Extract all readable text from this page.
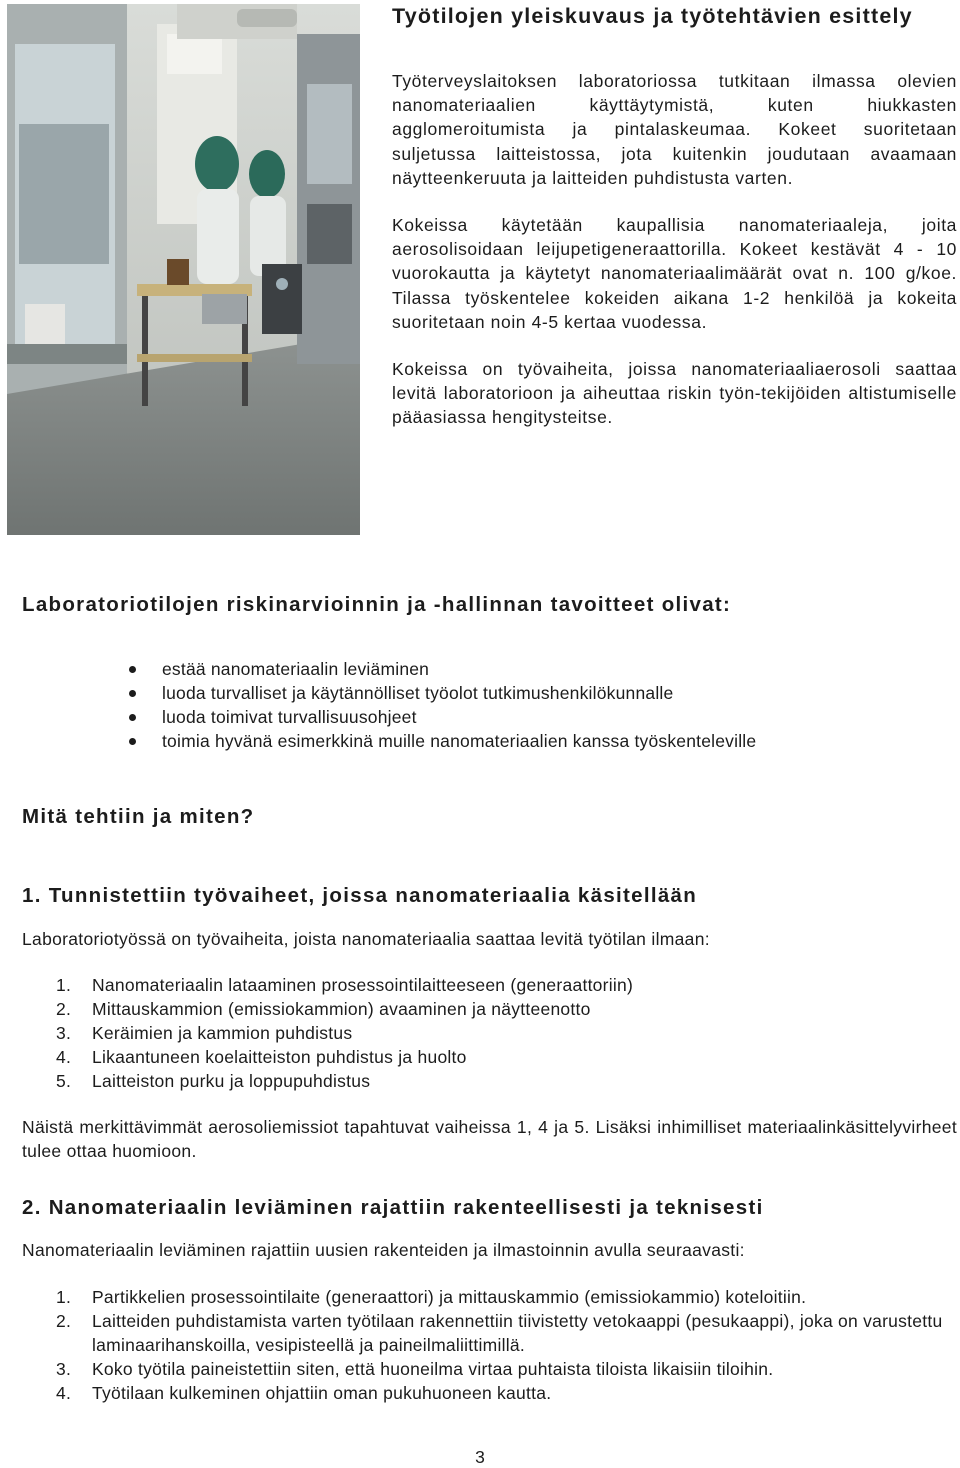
Työtilojen yleiskuvaus ja työtehtävien esittely

Työterveyslaitoksen laboratoriossa tutkitaan ilmassa olevien nanomateriaalien käyttäytymistä, kuten hiukkasten agglomeroitumista ja pintalaskeumaa. Kokeet suoritetaan suljetussa laitteistossa, jota kuitenkin joudutaan avaamaan näytteenkeruuta ja laitteiden puhdistusta varten.

Kokeissa käytetään kaupallisia nanomateriaaleja, joita aerosolisoidaan leijupetigeneraattorilla. Kokeet kestävät 4 - 10 vuorokautta ja käytetyt nanomateriaalimäärät ovat n. 100 g/koe. Tilassa työskentelee kokeiden aikana 1-2 henkilöä ja kokeita suoritetaan noin 4-5 kertaa vuodessa.

Kokeissa on työvaiheita, joissa nanomateriaaliaerosoli saattaa levitä laboratorioon ja aiheuttaa riskin työn-tekijöiden altistumiselle pääasiassa hengitysteitse.

Laboratoriotilojen riskinarvioinnin ja -hallinnan tavoitteet olivat:
estää nanomateriaalin leviäminen
luoda turvalliset ja käytännölliset työolot tutkimushenkilökunnalle
luoda toimivat turvallisuusohjeet
toimia hyvänä esimerkkinä muille nanomateriaalien kanssa työskenteleville
Mitä tehtiin ja miten?
1. Tunnistettiin työvaiheet, joissa nanomateriaalia käsitellään
Laboratoriotyössä on työvaiheita, joista nanomateriaalia saattaa levitä työtilan ilmaan:
1. Nanomateriaalin lataaminen prosessointilaitteeseen (generaattoriin)
2. Mittauskammion (emissiokammion) avaaminen ja näytteenotto
3. Keräimien ja kammion puhdistus
4. Likaantuneen koelaitteiston puhdistus ja huolto
5. Laitteiston purku ja loppupuhdistus
Näistä merkittävimmät aerosoliemissiot tapahtuvat vaiheissa 1, 4 ja 5. Lisäksi inhimilliset materiaalinkäsittelyvirheet tulee ottaa huomioon.
2. Nanomateriaalin leviäminen rajattiin rakenteellisesti ja teknisesti
Nanomateriaalin leviäminen rajattiin uusien rakenteiden ja ilmastoinnin avulla seuraavasti:
1. Partikkelien prosessointilaite (generaattori) ja mittauskammio (emissiokammio) koteloitiin.
2. Laitteiden puhdistamista varten työtilaan rakennettiin tiivistetty vetokaappi (pesukaappi), joka on varustettu laminaarihanskoilla, vesipisteellä ja paineilmaliittimillä.
3. Koko työtila paineistettiin siten, että huoneilma virtaa puhtaista tiloista likaisiin tiloihin.
4. Työtilaan kulkeminen ohjattiin oman pukuhuoneen kautta.
3
